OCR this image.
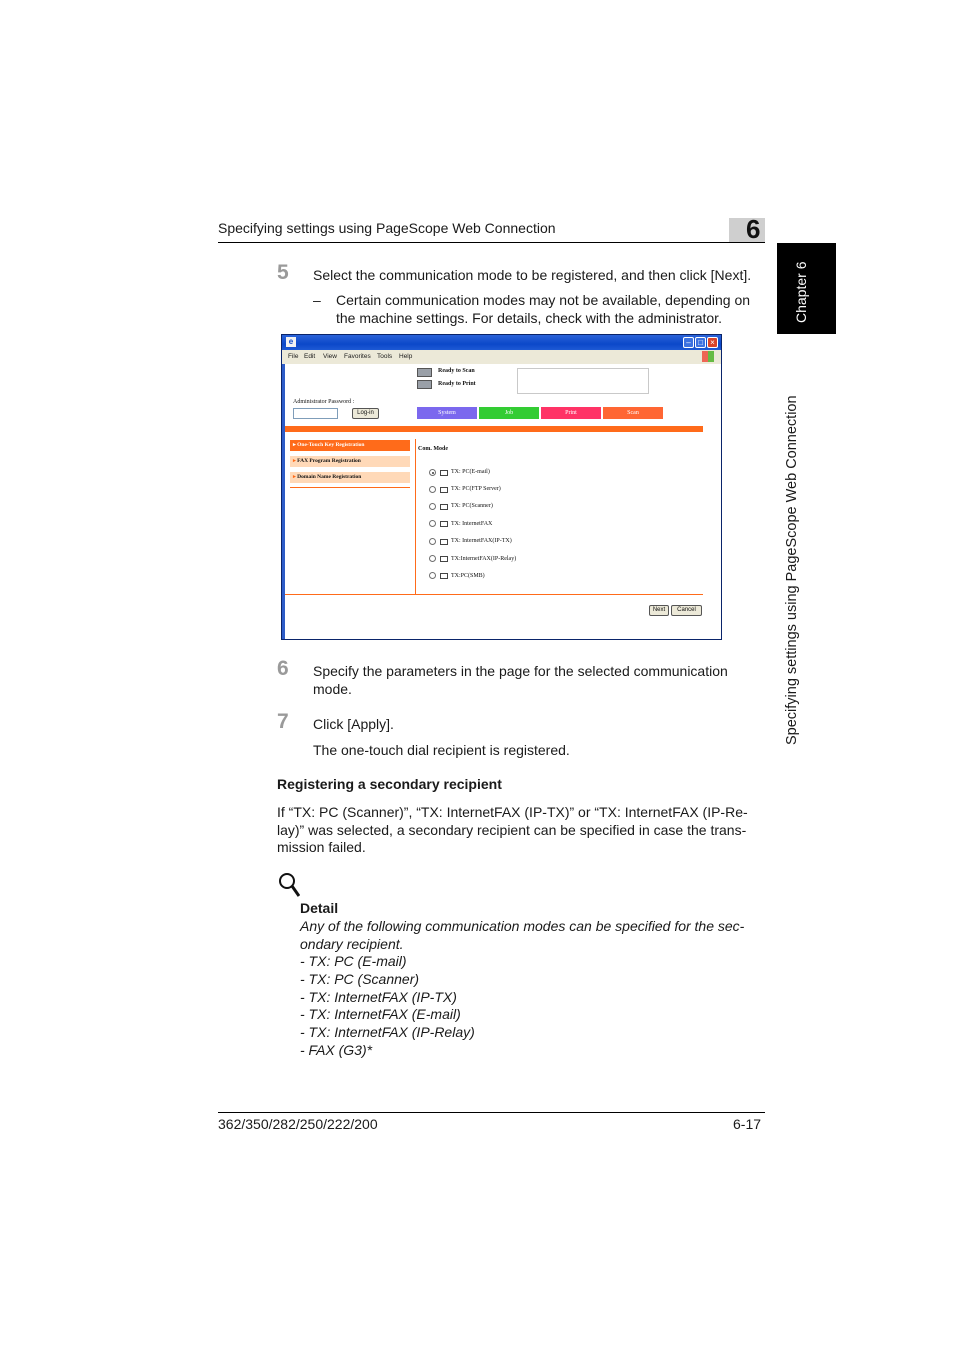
Specifying settings using PageScope Web Connection	6
Chapter 6
Specifying settings using PageScope Web Connection
5 Select the communication mode to be registered, and then click [Next].
– Certain communication modes may not be available, depending on the machine settings. For details, check with the administrator.
e	– □ ×
File Edit View Favorites Tools Help
Ready to Scan
Ready to Print
Administrator Password :
Log-in	System	Job	Print	Scan
▸ One-Touch Key Registration
▸ FAX Program Registration
▸ Domain Name Registration
Com. Mode
TX: PC(E-mail)
TX: PC(FTP Server)
TX: PC(Scanner)
TX: InternetFAX
TX: InternetFAX(IP-TX)
TX:InternetFAX(IP-Relay)
TX:PC(SMB)
Next	Cancel
6 Specify the parameters in the page for the selected communication mode.
7 Click [Apply].
The one-touch dial recipient is registered.
Registering a secondary recipient
If “TX: PC (Scanner)”, “TX: InternetFAX (IP-TX)” or “TX: InternetFAX (IP-Re-
lay)” was selected, a secondary recipient can be specified in case the trans-
mission failed.
Detail
Any of the following communication modes can be specified for the sec-
ondary recipient.
- TX: PC (E-mail)
- TX: PC (Scanner)
- TX: InternetFAX (IP-TX)
- TX: InternetFAX (E-mail)
- TX: InternetFAX (IP-Relay)
- FAX (G3)*
362/350/282/250/222/200	6-17
